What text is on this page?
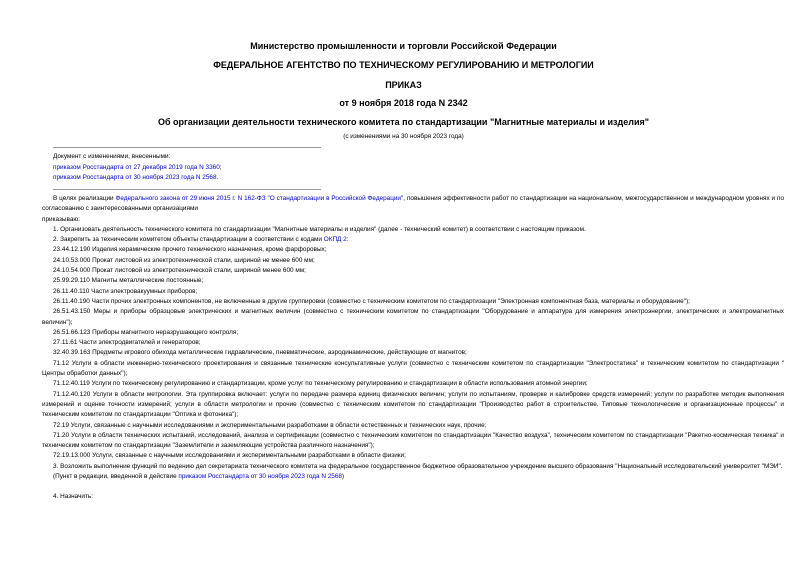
Министерство промышленности и торговли Российской Федерации
ФЕДЕРАЛЬНОЕ АГЕНТСТВО ПО ТЕХНИЧЕСКОМУ РЕГУЛИРОВАНИЮ И МЕТРОЛОГИИ
ПРИКАЗ
от 9 ноября 2018 года N 2342
Об организации деятельности технического комитета по стандартизации "Магнитные материалы и изделия"
(с изменениями на 30 ноября 2023 года)
Документ с изменениями, внесенными:
приказом Росстандарта от 27 декабря 2019 года N 3360;
приказом Росстандарта от 30 ноября 2023 года N 2568.

В целях реализации Федерального закона от 29 июня 2015 г. N 162-ФЗ "О стандартизации в Российской Федерации", повышения эффективности работ по стандартизации на национальном, межгосударственном и международном уровнях и по согласованию с заинтересованными организациями

приказываю:

1. Организовать деятельность технического комитета по стандартизации "Магнитные материалы и изделия" (далее - технический комитет) в соответствии с настоящим приказом.

2. Закрепить за техническим комитетом объекты стандартизации в соответствии с кодами ОКПД 2:

23.44.12.190 Изделия керамические прочего технического назначения, кроме фарфоровых;

24.10.53.000 Прокат листовой из электротехнической стали, шириной не менее 600 мм;

24.10.54.000 Прокат листовой из электротехнической стали, шириной менее 600 мм;

25.99.29.110 Магниты металлические постоянные;

26.11.40.110 Части электровакуумных приборов;

26.11.40.190 Части прочих электронных компонентов, не включенные в другие группировки (совместно с техническим комитетом по стандартизации "Электронная компонентная база, материалы и оборудование");

26.51.43.150 Меры и приборы образцовые электрических и магнитных величин (совместно с техническим комитетом по стандартизации "Оборудование и аппаратура для измерения электроэнергии, электрических и электромагнитных величин");

26.51.66.123 Приборы магнитного неразрушающего контроля;

27.11.61 Части электродвигателей и генераторов;

32.40.39.163 Предметы игрового обихода металлические гидравлические, пневматические, аэродинамические, действующие от магнитов;

71.12 Услуги в области инженерно-технического проектирования и связанные технические консультативные услуги (совместно с техническим комитетом по стандартизации "Электростатика" и техническим комитетом по стандартизации " Центры обработки данных");

71.12.40.119 Услуги по техническому регулированию и стандартизации, кроме услуг по техническому регулированию и стандартизации в области использования атомной энергии;

71.12.40.120 Услуги в области метрологии. Эта группировка включает: услуги по передаче размера единиц физических величин; услуги по испытаниям, проверке и калибровке средств измерений; услуги по разработке методик выполнения измерений и оценке точности измерений; услуги в области метрологии и прочие (совместно с техническим комитетом по стандартизации "Производство работ в строительстве. Типовые технологические и организационные процессы" и техническим комитетом по стандартизации "Оптика и фотоника");

72.19 Услуги, связанные с научными исследованиями и экспериментальными разработками в области естественных и технических наук, прочие;

71.20 Услуги в области технических испытаний, исследований, анализа и сертификации (совместно с техническим комитетом по стандартизации "Качество воздуха", техническим комитетом по стандартизации "Ракетно-космическая техника" и техническим комитетом по стандартизации "Заземлители и заземляющие устройства различного назначения");

72.19.13.000 Услуги, связанные с научными исследованиями и экспериментальными разработками в области физики;

3. Возложить выполнение функций по ведению дел секретариата технического комитета на федеральное государственное бюджетное образовательное учреждение высшего образования "Национальный исследовательский университет "МЭИ".

(Пункт в редакции, введенной в действие приказом Росстандарта от 30 ноября 2023 года N 2568)

4. Назначить:
